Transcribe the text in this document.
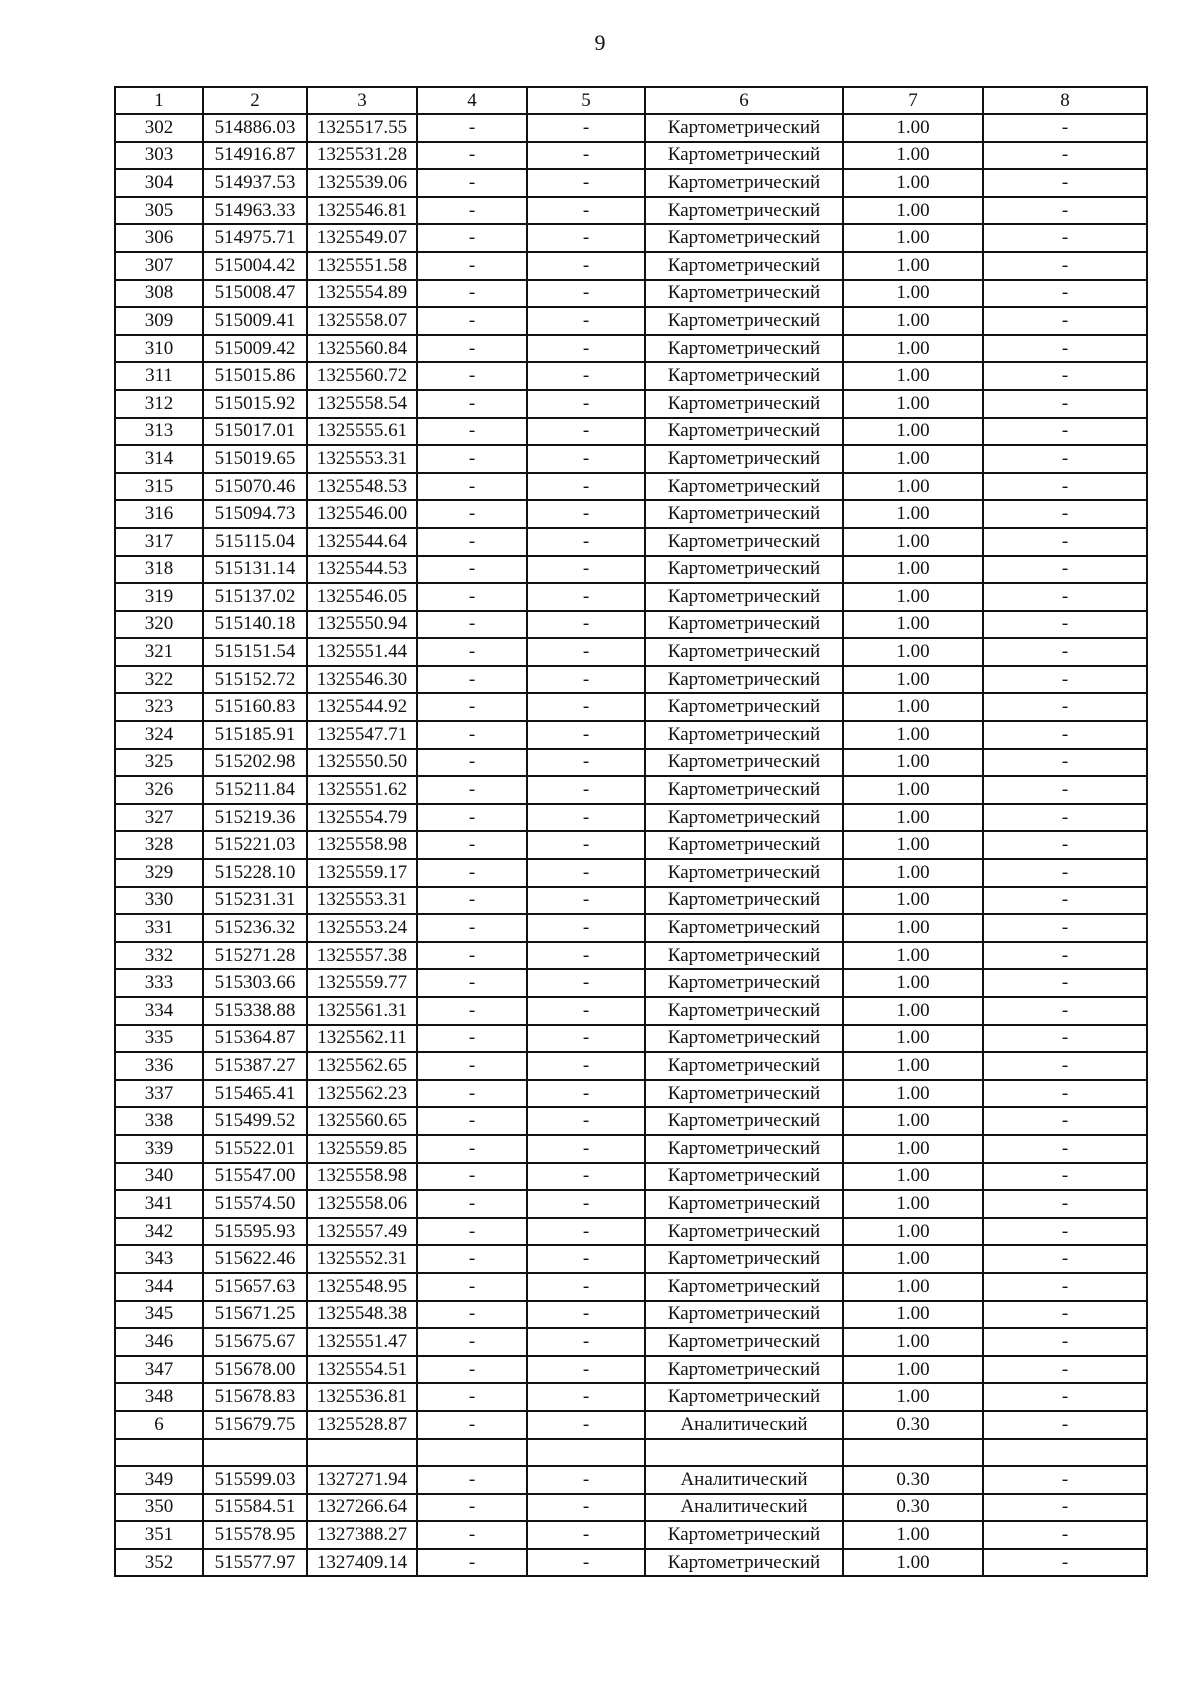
9
1	2	3	4	5	6	7	8
302	514886.03	1325517.55	-	-	Картометрический	1.00	-
303	514916.87	1325531.28	-	-	Картометрический	1.00	-
304	514937.53	1325539.06	-	-	Картометрический	1.00	-
305	514963.33	1325546.81	-	-	Картометрический	1.00	-
306	514975.71	1325549.07	-	-	Картометрический	1.00	-
307	515004.42	1325551.58	-	-	Картометрический	1.00	-
308	515008.47	1325554.89	-	-	Картометрический	1.00	-
309	515009.41	1325558.07	-	-	Картометрический	1.00	-
310	515009.42	1325560.84	-	-	Картометрический	1.00	-
311	515015.86	1325560.72	-	-	Картометрический	1.00	-
312	515015.92	1325558.54	-	-	Картометрический	1.00	-
313	515017.01	1325555.61	-	-	Картометрический	1.00	-
314	515019.65	1325553.31	-	-	Картометрический	1.00	-
315	515070.46	1325548.53	-	-	Картометрический	1.00	-
316	515094.73	1325546.00	-	-	Картометрический	1.00	-
317	515115.04	1325544.64	-	-	Картометрический	1.00	-
318	515131.14	1325544.53	-	-	Картометрический	1.00	-
319	515137.02	1325546.05	-	-	Картометрический	1.00	-
320	515140.18	1325550.94	-	-	Картометрический	1.00	-
321	515151.54	1325551.44	-	-	Картометрический	1.00	-
322	515152.72	1325546.30	-	-	Картометрический	1.00	-
323	515160.83	1325544.92	-	-	Картометрический	1.00	-
324	515185.91	1325547.71	-	-	Картометрический	1.00	-
325	515202.98	1325550.50	-	-	Картометрический	1.00	-
326	515211.84	1325551.62	-	-	Картометрический	1.00	-
327	515219.36	1325554.79	-	-	Картометрический	1.00	-
328	515221.03	1325558.98	-	-	Картометрический	1.00	-
329	515228.10	1325559.17	-	-	Картометрический	1.00	-
330	515231.31	1325553.31	-	-	Картометрический	1.00	-
331	515236.32	1325553.24	-	-	Картометрический	1.00	-
332	515271.28	1325557.38	-	-	Картометрический	1.00	-
333	515303.66	1325559.77	-	-	Картометрический	1.00	-
334	515338.88	1325561.31	-	-	Картометрический	1.00	-
335	515364.87	1325562.11	-	-	Картометрический	1.00	-
336	515387.27	1325562.65	-	-	Картометрический	1.00	-
337	515465.41	1325562.23	-	-	Картометрический	1.00	-
338	515499.52	1325560.65	-	-	Картометрический	1.00	-
339	515522.01	1325559.85	-	-	Картометрический	1.00	-
340	515547.00	1325558.98	-	-	Картометрический	1.00	-
341	515574.50	1325558.06	-	-	Картометрический	1.00	-
342	515595.93	1325557.49	-	-	Картометрический	1.00	-
343	515622.46	1325552.31	-	-	Картометрический	1.00	-
344	515657.63	1325548.95	-	-	Картометрический	1.00	-
345	515671.25	1325548.38	-	-	Картометрический	1.00	-
346	515675.67	1325551.47	-	-	Картометрический	1.00	-
347	515678.00	1325554.51	-	-	Картометрический	1.00	-
348	515678.83	1325536.81	-	-	Картометрический	1.00	-
6	515679.75	1325528.87	-	-	Аналитический	0.30	-

349	515599.03	1327271.94	-	-	Аналитический	0.30	-
350	515584.51	1327266.64	-	-	Аналитический	0.30	-
351	515578.95	1327388.27	-	-	Картометрический	1.00	-
352	515577.97	1327409.14	-	-	Картометрический	1.00	-
